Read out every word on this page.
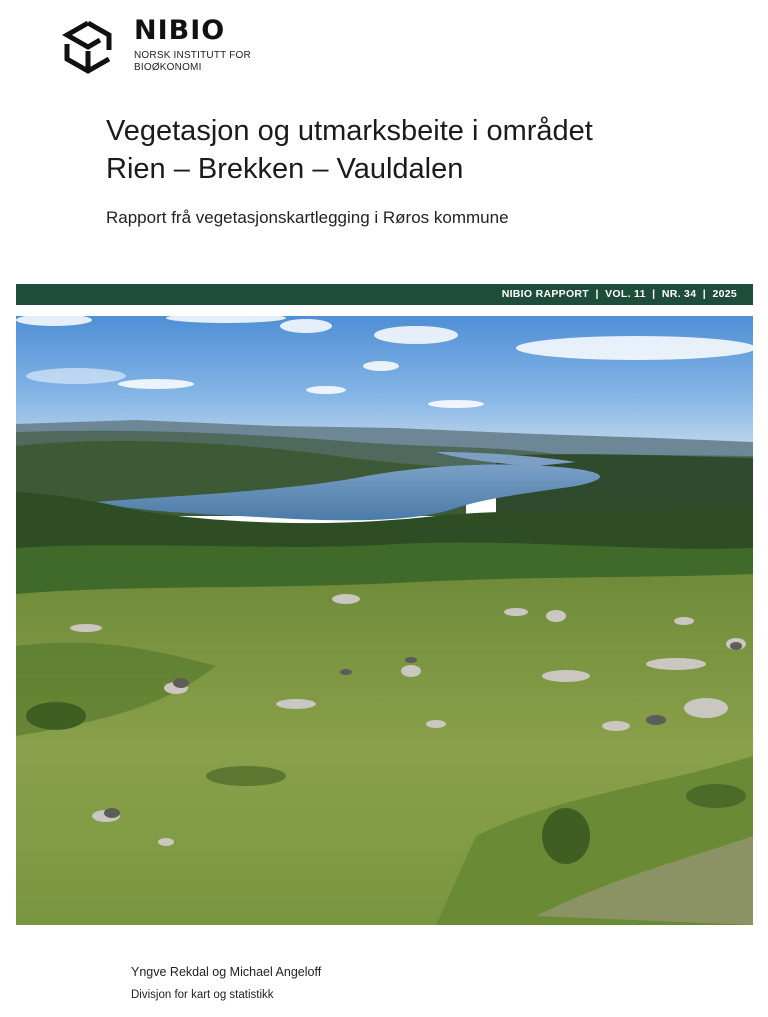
NIBIO
NORSK INSTITUTT FOR
BIOØKONOMI
Vegetasjon og utmarksbeite i området
Rien – Brekken – Vauldalen
Rapport frå vegetasjonskartlegging i Røros kommune
NIBIO RAPPORT  |  VOL. 11  |  NR. 34  |  2025
Yngve Rekdal og Michael Angeloff
Divisjon for kart og statistikk
